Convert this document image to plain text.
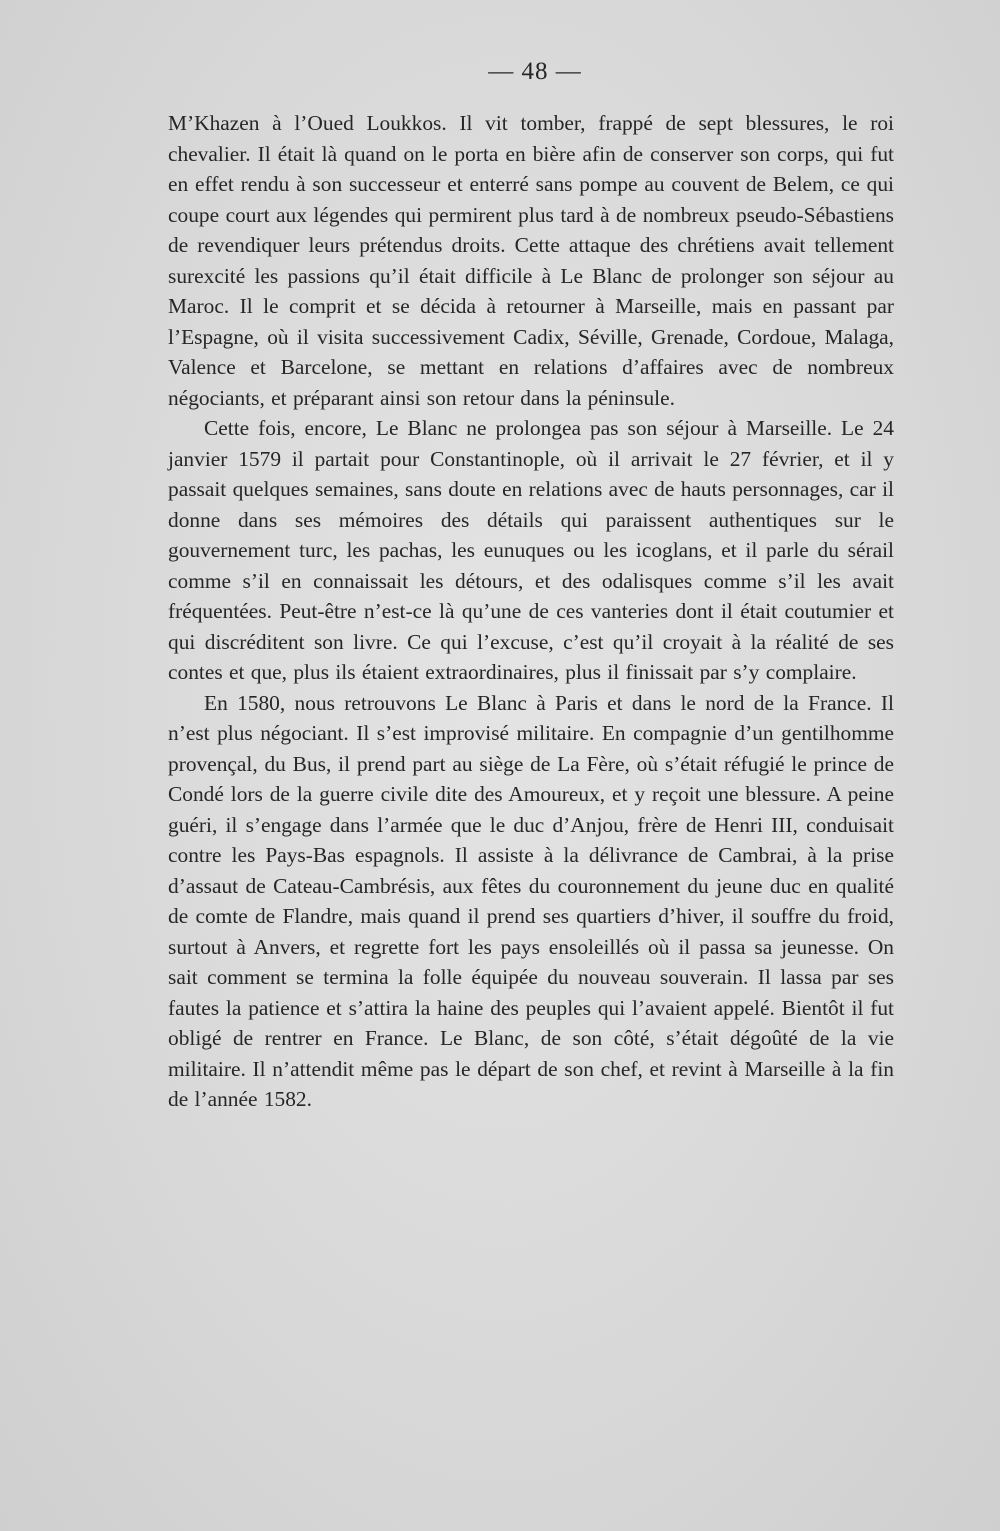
— 48 —

M’Khazen à l’Oued Loukkos. Il vit tomber, frappé de sept blessures, le roi chevalier. Il était là quand on le porta en bière afin de conserver son corps, qui fut en effet rendu à son successeur et enterré sans pompe au couvent de Belem, ce qui coupe court aux légendes qui permirent plus tard à de nombreux pseudo-Sébastiens de revendiquer leurs prétendus droits. Cette attaque des chrétiens avait tellement surexcité les passions qu’il était difficile à Le Blanc de prolonger son séjour au Maroc. Il le comprit et se décida à retourner à Marseille, mais en passant par l’Espagne, où il visita successivement Cadix, Séville, Grenade, Cordoue, Malaga, Valence et Barcelone, se mettant en relations d’affaires avec de nombreux négociants, et préparant ainsi son retour dans la péninsule.

Cette fois, encore, Le Blanc ne prolongea pas son séjour à Marseille. Le 24 janvier 1579 il partait pour Constantinople, où il arrivait le 27 février, et il y passait quelques semaines, sans doute en relations avec de hauts personnages, car il donne dans ses mémoires des détails qui paraissent authentiques sur le gouvernement turc, les pachas, les eunuques ou les icoglans, et il parle du sérail comme s’il en connaissait les détours, et des odalisques comme s’il les avait fréquentées. Peut-être n’est-ce là qu’une de ces vanteries dont il était coutumier et qui discréditent son livre. Ce qui l’excuse, c’est qu’il croyait à la réalité de ses contes et que, plus ils étaient extraordinaires, plus il finissait par s’y complaire.

En 1580, nous retrouvons Le Blanc à Paris et dans le nord de la France. Il n’est plus négociant. Il s’est improvisé militaire. En compagnie d’un gentilhomme provençal, du Bus, il prend part au siège de La Fère, où s’était réfugié le prince de Condé lors de la guerre civile dite des Amoureux, et y reçoit une blessure. A peine guéri, il s’engage dans l’armée que le duc d’Anjou, frère de Henri III, conduisait contre les Pays-Bas espagnols. Il assiste à la délivrance de Cambrai, à la prise d’assaut de Cateau-Cambrésis, aux fêtes du couronnement du jeune duc en qualité de comte de Flandre, mais quand il prend ses quartiers d’hiver, il souffre du froid, surtout à Anvers, et regrette fort les pays ensoleillés où il passa sa jeunesse. On sait comment se termina la folle équipée du nouveau souverain. Il lassa par ses fautes la patience et s’attira la haine des peuples qui l’avaient appelé. Bientôt il fut obligé de rentrer en France. Le Blanc, de son côté, s’était dégoûté de la vie militaire. Il n’attendit même pas le départ de son chef, et revint à Marseille à la fin de l’année 1582.
